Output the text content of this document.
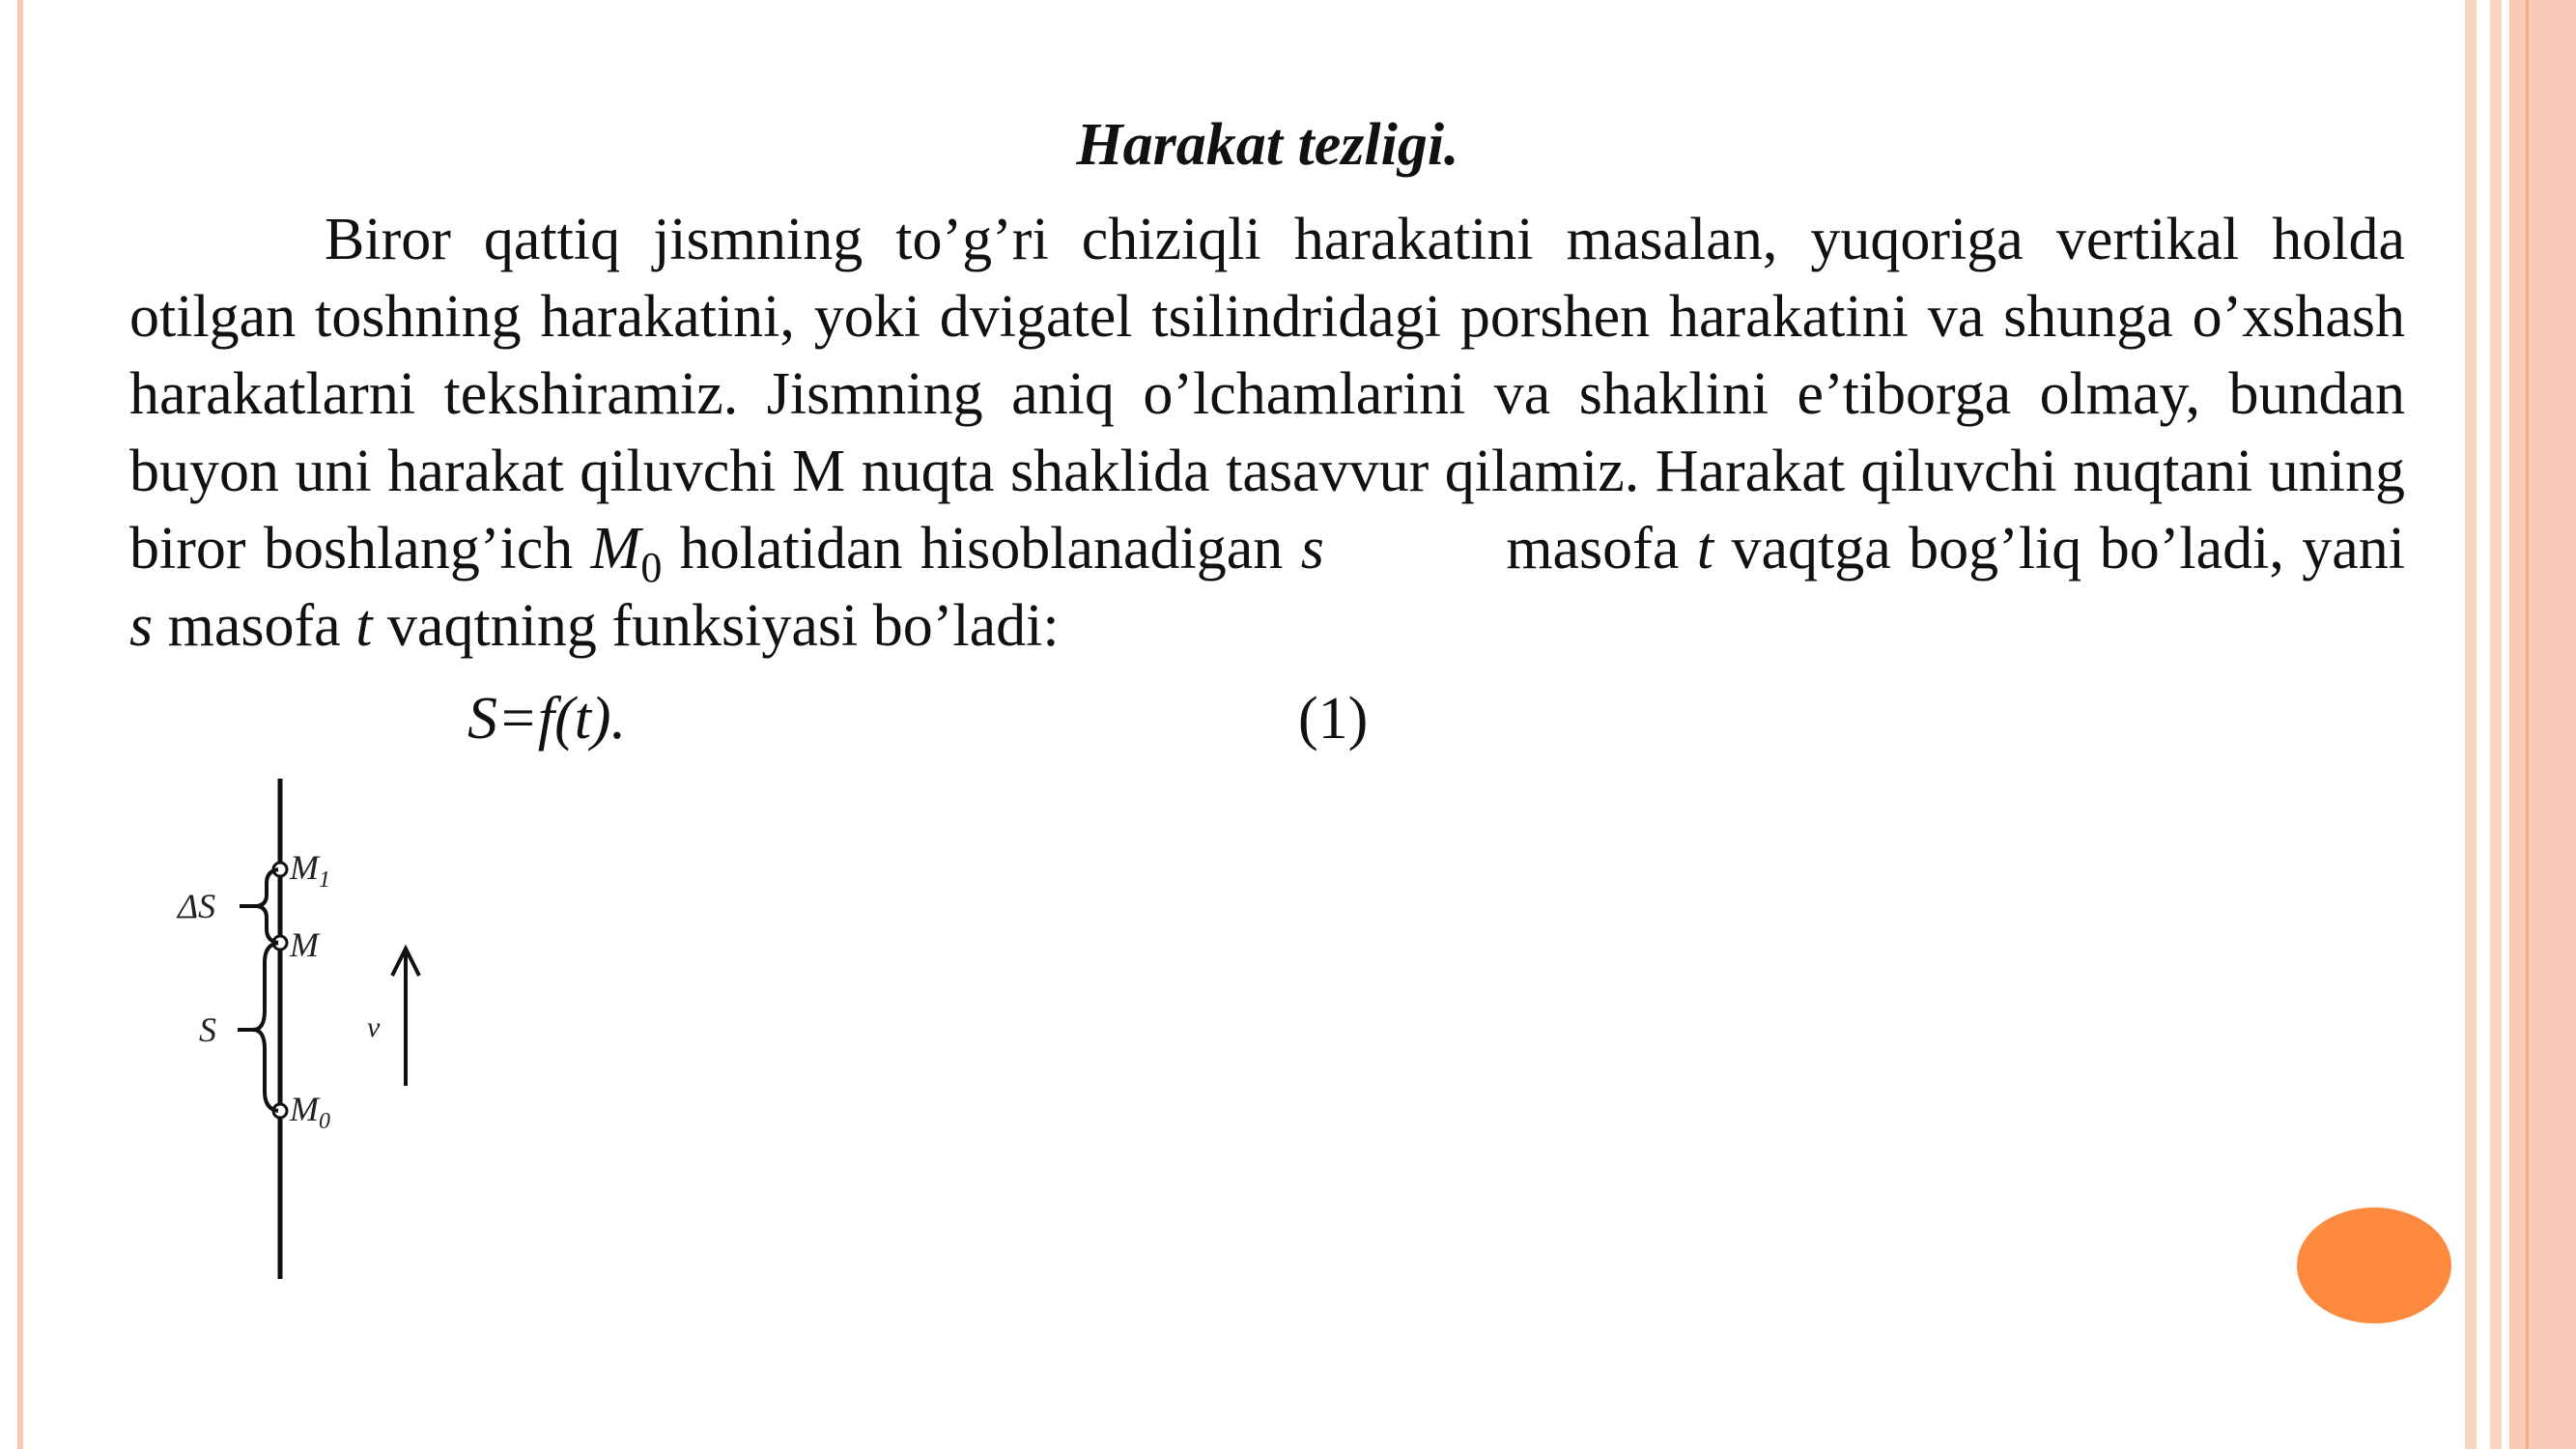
Harakat tezligi.

Biror qattiq jismning to’g’ri chiziqli harakatini masalan, yuqoriga vertikal holda otilgan toshning harakatini, yoki dvigatel tsilindridagi porshen harakatini va shunga o’xshash harakatlarni tekshiramiz. Jismning aniq o’lchamlarini va shaklini e’tiborga olmay, bundan buyon uni harakat qiluvchi M nuqta shaklida tasavvur qilamiz. Harakat qiluvchi nuqtani uning biror boshlang’ich $M_0$ holatidan hisoblanadigan s	masofa t vaqtga bog’liq bo’ladi, yani s masofa t vaqtning funksiyasi bo’ladi:

S=f(t).	(1)
$M_1$
M
$M_0$
ΔS
S	v
